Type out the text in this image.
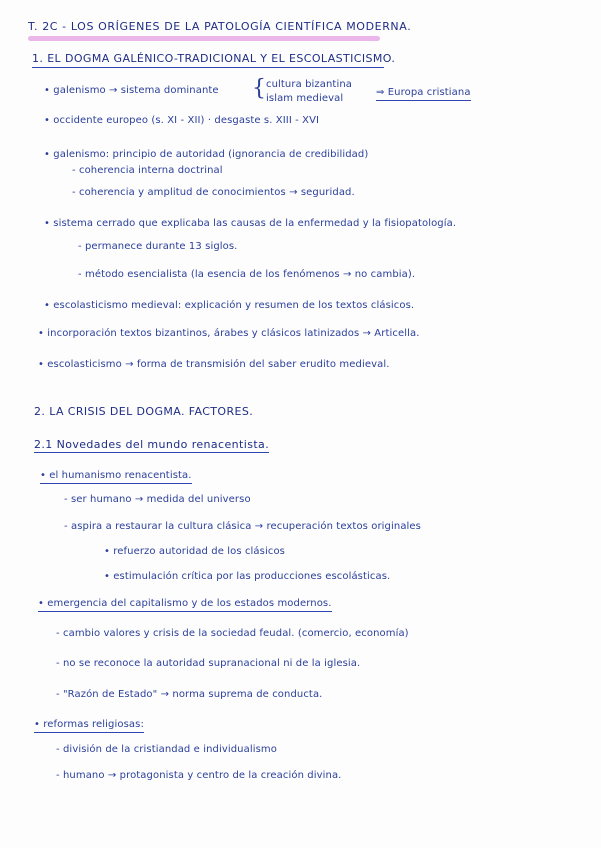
T. 2C - LOS ORÍGENES DE LA PATOLOGÍA CIENTÍFICA MODERNA.
1. EL DOGMA GALÉNICO-TRADICIONAL Y EL ESCOLASTICISMO.
• galenismo → sistema dominante { cultura bizantina
islam medieval
⇒ Europa cristiana
• occidente europeo (s. XI - XII) · desgaste s. XIII - XVI
• galenismo: principio de autoridad (ignorancia de credibilidad)
- coherencia interna doctrinal
- coherencia y amplitud de conocimientos → seguridad.
• sistema cerrado que explicaba las causas de la enfermedad y la fisiopatología.
- permanece durante 13 siglos.
- método esencialista (la esencia de los fenómenos → no cambia).
• escolasticismo medieval: explicación y resumen de los textos clásicos.
• incorporación textos bizantinos, árabes y clásicos latinizados → Articella.
• escolasticismo → forma de transmisión del saber erudito medieval.
2. LA CRISIS DEL DOGMA. FACTORES.
2.1 Novedades del mundo renacentista.
• el humanismo renacentista.
- ser humano → medida del universo
- aspira a restaurar la cultura clásica → recuperación textos originales
• refuerzo autoridad de los clásicos
• estimulación crítica por las producciones escolásticas.
• emergencia del capitalismo y de los estados modernos.
- cambio valores y crisis de la sociedad feudal. (comercio, economía)
- no se reconoce la autoridad supranacional ni de la iglesia.
- "Razón de Estado" → norma suprema de conducta.
• reformas religiosas:
- división de la cristiandad e individualismo
- humano → protagonista y centro de la creación divina.
